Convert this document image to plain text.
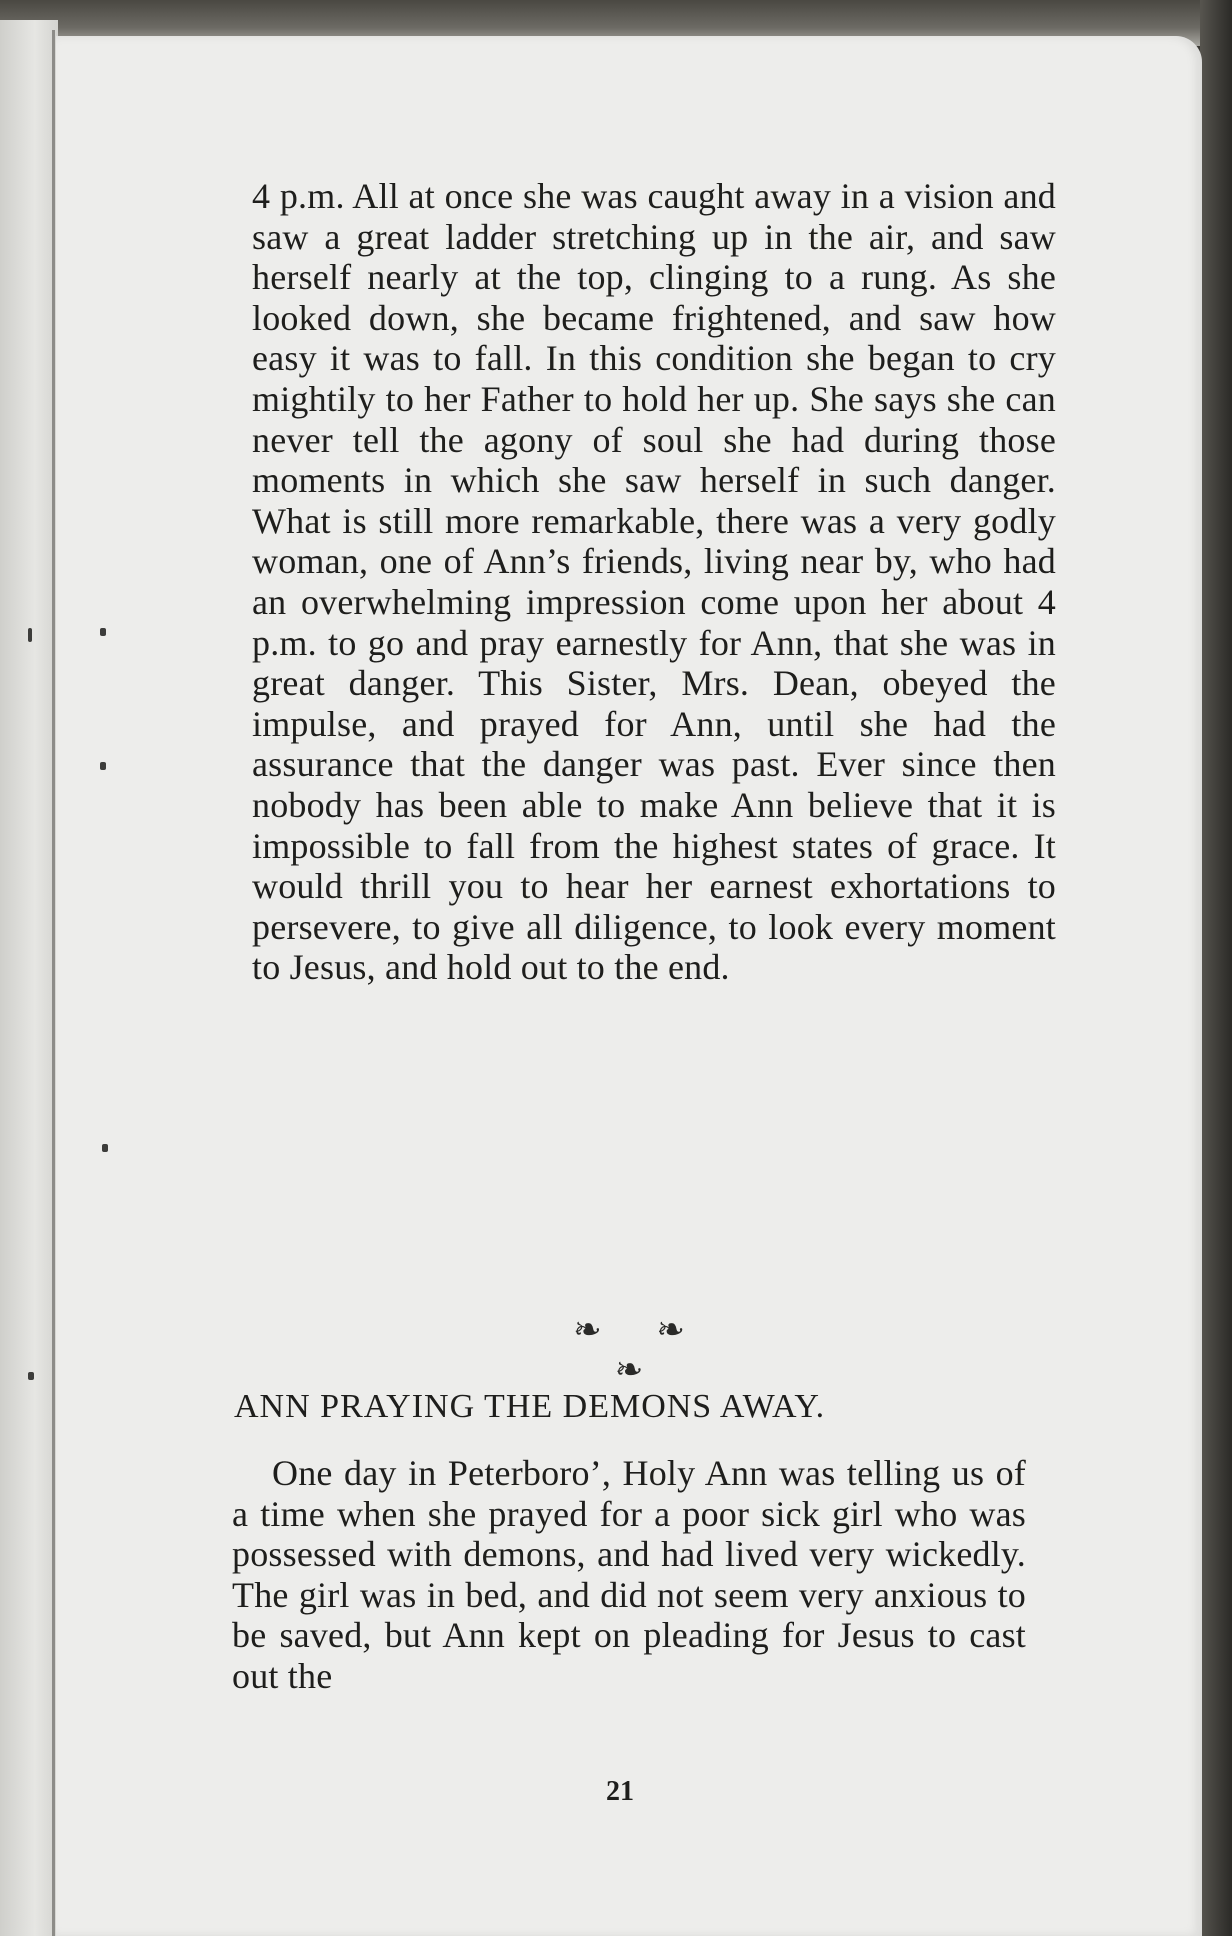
4 p.m. All at once she was caught away in a vision and saw a great ladder stretching up in the air, and saw herself nearly at the top, clinging to a rung. As she looked down, she became frightened, and saw how easy it was to fall. In this condition she began to cry mightily to her Father to hold her up. She says she can never tell the agony of soul she had during those moments in which she saw herself in such danger. What is still more remarkable, there was a very godly woman, one of Ann’s friends, living near by, who had an overwhelming impression come upon her about 4 p.m. to go and pray earnestly for Ann, that she was in great danger. This Sister, Mrs. Dean, obeyed the impulse, and prayed for Ann, until she had the assurance that the danger was past. Ever since then nobody has been able to make Ann believe that it is impossible to fall from the highest states of grace. It would thrill you to hear her earnest exhortations to persevere, to give all diligence, to look every moment to Jesus, and hold out to the end.

❧ ❧ ❧
ANN PRAYING THE DEMONS AWAY.

One day in Peterboro’, Holy Ann was telling us of a time when she prayed for a poor sick girl who was possessed with demons, and had lived very wickedly. The girl was in bed, and did not seem very anxious to be saved, but Ann kept on pleading for Jesus to cast out the

21
